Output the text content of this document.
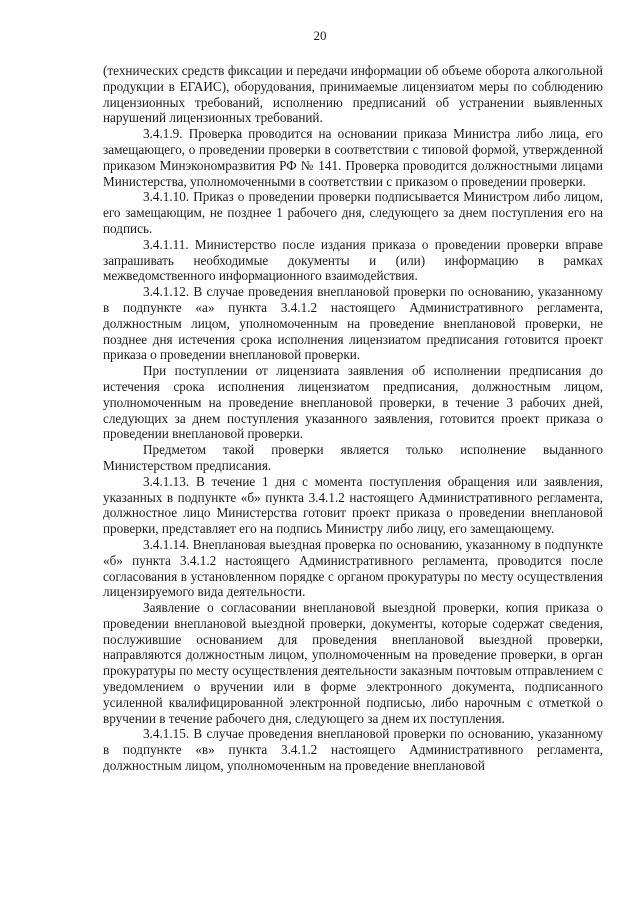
20

(технических средств фиксации и передачи информации об объеме оборота алкогольной продукции в ЕГАИС), оборудования, принимаемые лицензиатом меры по соблюдению лицензионных требований, исполнению предписаний об устранении выявленных нарушений лицензионных требований.

3.4.1.9. Проверка проводится на основании приказа Министра либо лица, его замещающего, о проведении проверки в соответствии с типовой формой, утвержденной приказом Минэкономразвития РФ № 141. Проверка проводится должностными лицами Министерства, уполномоченными в соответствии с приказом о проведении проверки.

3.4.1.10. Приказ о проведении проверки подписывается Министром либо лицом, его замещающим, не позднее 1 рабочего дня, следующего за днем поступления его на подпись.

3.4.1.11. Министерство после издания приказа о проведении проверки вправе запрашивать необходимые документы и (или) информацию в рамках межведомственного информационного взаимодействия.

3.4.1.12. В случае проведения внеплановой проверки по основанию, указанному в подпункте «а» пункта 3.4.1.2 настоящего Административного регламента, должностным лицом, уполномоченным на проведение внеплановой проверки, не позднее дня истечения срока исполнения лицензиатом предписания готовится проект приказа о проведении внеплановой проверки.

При поступлении от лицензиата заявления об исполнении предписания до истечения срока исполнения лицензиатом предписания, должностным лицом, уполномоченным на проведение внеплановой проверки, в течение 3 рабочих дней, следующих за днем поступления указанного заявления, готовится проект приказа о проведении внеплановой проверки.

Предметом такой проверки является только исполнение выданного Министерством предписания.

3.4.1.13. В течение 1 дня с момента поступления обращения или заявления, указанных в подпункте «б» пункта 3.4.1.2 настоящего Административного регламента, должностное лицо Министерства готовит проект приказа о проведении внеплановой проверки, представляет его на подпись Министру либо лицу, его замещающему.

3.4.1.14. Внеплановая выездная проверка по основанию, указанному в подпункте «б» пункта 3.4.1.2 настоящего Административного регламента, проводится после согласования в установленном порядке с органом прокуратуры по месту осуществления лицензируемого вида деятельности.

Заявление о согласовании внеплановой выездной проверки, копия приказа о проведении внеплановой выездной проверки, документы, которые содержат сведения, послужившие основанием для проведения внеплановой выездной проверки, направляются должностным лицом, уполномоченным на проведение проверки, в орган прокуратуры по месту осуществления деятельности заказным почтовым отправлением с уведомлением о вручении или в форме электронного документа, подписанного усиленной квалифицированной электронной подписью, либо нарочным с отметкой о вручении в течение рабочего дня, следующего за днем их поступления.

3.4.1.15. В случае проведения внеплановой проверки по основанию, указанному в подпункте «в» пункта 3.4.1.2 настоящего Административного регламента, должностным лицом, уполномоченным на проведение внеплановой
